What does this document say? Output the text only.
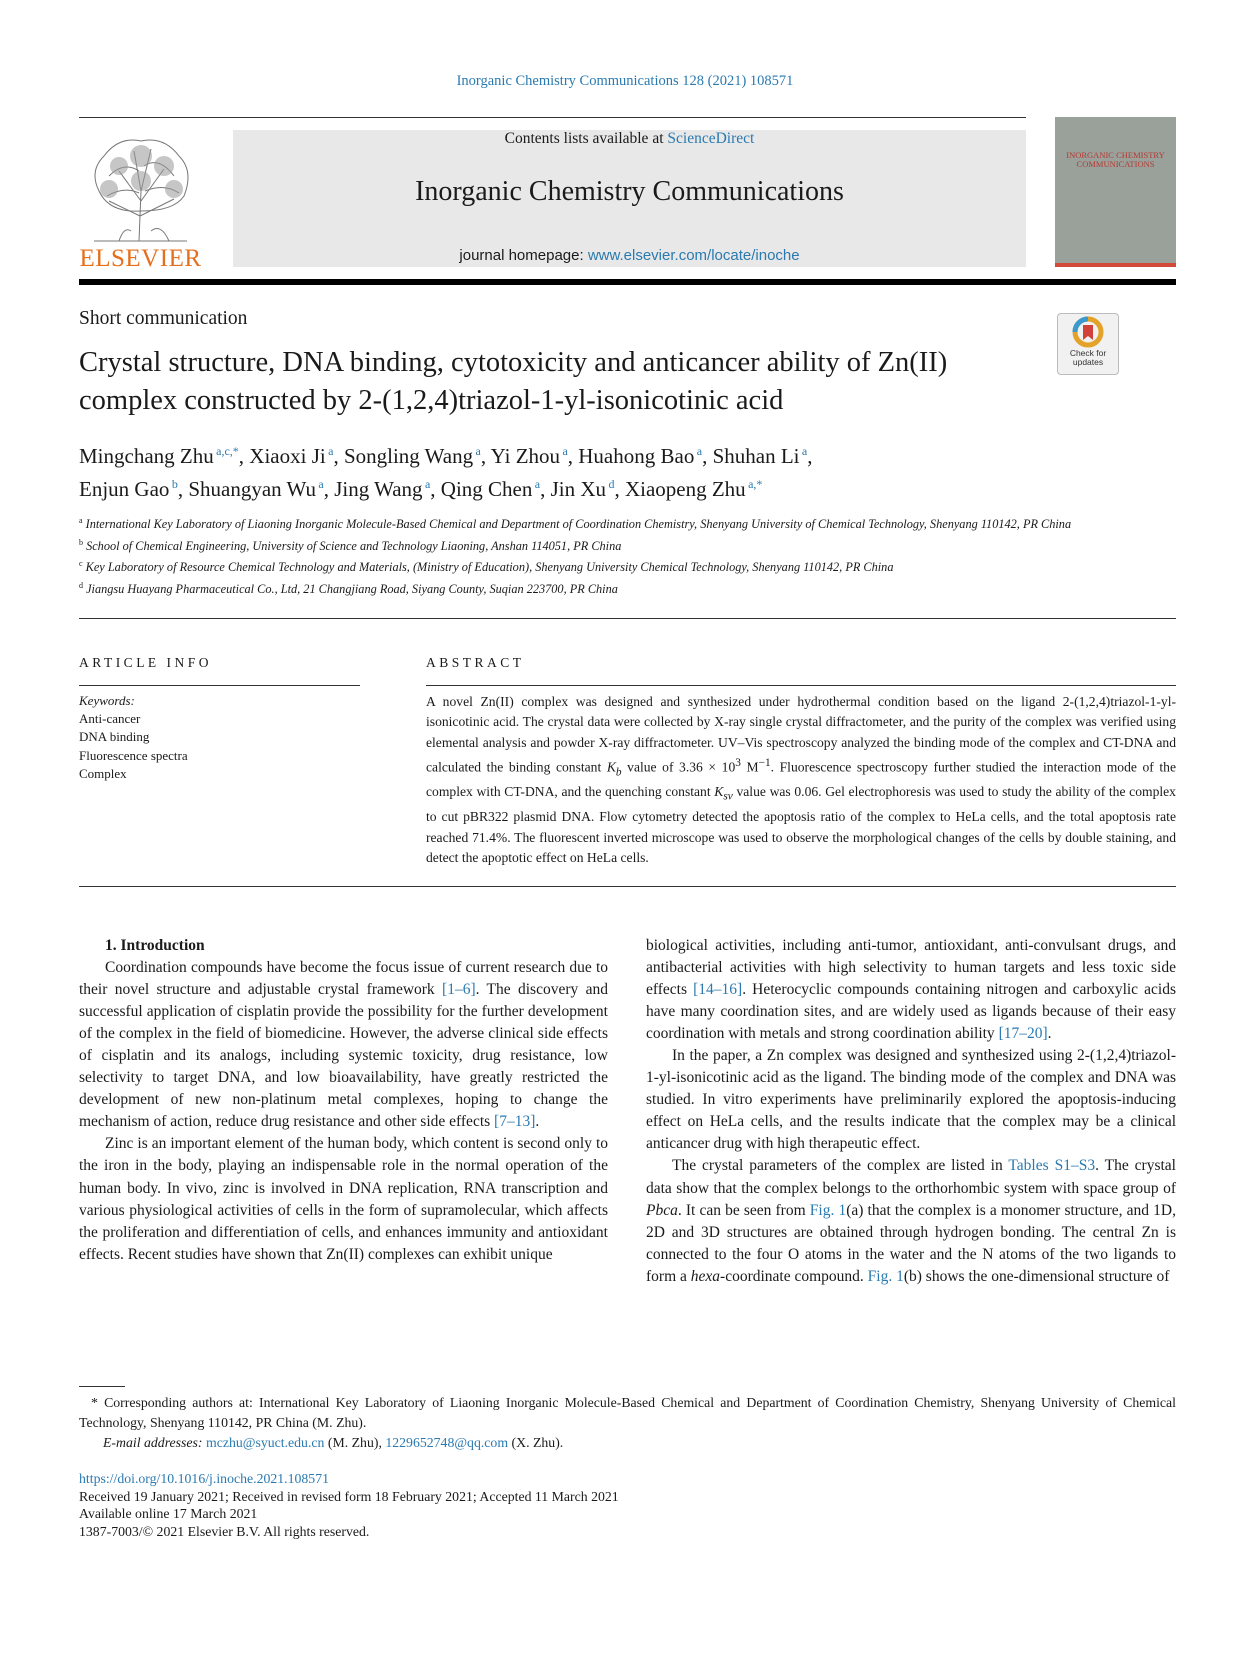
Inorganic Chemistry Communications 128 (2021) 108571
ELSEVIER
Contents lists available at ScienceDirect
Inorganic Chemistry Communications
journal homepage: www.elsevier.com/locate/inoche
INORGANIC CHEMISTRY COMMUNICATIONS
Short communication
Check for updates
Crystal structure, DNA binding, cytotoxicity and anticancer ability of Zn(II) complex constructed by 2-(1,2,4)triazol-1-yl-isonicotinic acid
Mingchang Zhu  $^{a,c,*}$, Xiaoxi Ji  $^a$, Songling Wang  $^a$, Yi Zhou  $^a$, Huahong Bao  $^a$, Shuhan Li  $^a$,
Enjun Gao  $^b$, Shuangyan Wu  $^a$, Jing Wang  $^a$, Qing Chen  $^a$, Jin Xu  $^d$, Xiaopeng Zhu  $^{a,*}$
$^a$ International Key Laboratory of Liaoning Inorganic Molecule-Based Chemical and Department of Coordination Chemistry, Shenyang University of Chemical Technology, Shenyang 110142, PR China
$^b$ School of Chemical Engineering, University of Science and Technology Liaoning, Anshan 114051, PR China
$^c$ Key Laboratory of Resource Chemical Technology and Materials, (Ministry of Education), Shenyang University Chemical Technology, Shenyang 110142, PR China
$^d$ Jiangsu Huayang Pharmaceutical Co., Ltd, 21 Changjiang Road, Siyang County, Suqian 223700, PR China
ARTICLE INFO
Keywords:
Anti-cancer
DNA binding
Fluorescence spectra
Complex
ABSTRACT
A novel Zn(II) complex was designed and synthesized under hydrothermal condition based on the ligand 2-(1,2,4)triazol-1-yl-isonicotinic acid. The crystal data were collected by X-ray single crystal diffractometer, and the purity of the complex was verified using elemental analysis and powder X-ray diffractometer. UV–Vis spectroscopy analyzed the binding mode of the complex and CT-DNA and calculated the binding constant $K_b$ value of $3.36 \times 10^3$ $M^{-1}$. Fluorescence spectroscopy further studied the interaction mode of the complex with CT-DNA, and the quenching constant $K_{sv}$ value was 0.06. Gel electrophoresis was used to study the ability of the complex to cut pBR322 plasmid DNA. Flow cytometry detected the apoptosis ratio of the complex to HeLa cells, and the total apoptosis rate reached 71.4%. The fluorescent inverted microscope was used to observe the morphological changes of the cells by double staining, and detect the apoptotic effect on HeLa cells.

1. Introduction

Coordination compounds have become the focus issue of current research due to their novel structure and adjustable crystal framework [1–6]. The discovery and successful application of cisplatin provide the possibility for the further development of the complex in the field of biomedicine. However, the adverse clinical side effects of cisplatin and its analogs, including systemic toxicity, drug resistance, low selectivity to target DNA, and low bioavailability, have greatly restricted the development of new non-platinum metal complexes, hoping to change the mechanism of action, reduce drug resistance and other side effects [7–13].

Zinc is an important element of the human body, which content is second only to the iron in the body, playing an indispensable role in the normal operation of the human body. In vivo, zinc is involved in DNA replication, RNA transcription and various physiological activities of cells in the form of supramolecular, which affects the proliferation and differentiation of cells, and enhances immunity and antioxidant effects. Recent studies have shown that Zn(II) complexes can exhibit unique

biological activities, including anti-tumor, antioxidant, anti-convulsant drugs, and antibacterial activities with high selectivity to human targets and less toxic side effects [14–16]. Heterocyclic compounds containing nitrogen and carboxylic acids have many coordination sites, and are widely used as ligands because of their easy coordination with metals and strong coordination ability [17–20].

In the paper, a Zn complex was designed and synthesized using 2-(1,2,4)triazol-1-yl-isonicotinic acid as the ligand. The binding mode of the complex and DNA was studied. In vitro experiments have preliminarily explored the apoptosis-inducing effect on HeLa cells, and the results indicate that the complex may be a clinical anticancer drug with high therapeutic effect.

The crystal parameters of the complex are listed in Tables S1–S3. The crystal data show that the complex belongs to the orthorhombic system with space group of Pbca. It can be seen from Fig. 1(a) that the complex is a monomer structure, and 1D, 2D and 3D structures are obtained through hydrogen bonding. The central Zn is connected to the four O atoms in the water and the N atoms of the two ligands to form a hexa-coordinate compound. Fig. 1(b) shows the one-dimensional structure of

* Corresponding authors at: International Key Laboratory of Liaoning Inorganic Molecule-Based Chemical and Department of Coordination Chemistry, Shenyang University of Chemical Technology, Shenyang 110142, PR China (M. Zhu).

E-mail addresses: mczhu@syuct.edu.cn (M. Zhu), 1229652748@qq.com (X. Zhu).

https://doi.org/10.1016/j.inoche.2021.108571

Received 19 January 2021; Received in revised form 18 February 2021; Accepted 11 March 2021

Available online 17 March 2021

1387-7003/© 2021 Elsevier B.V. All rights reserved.
